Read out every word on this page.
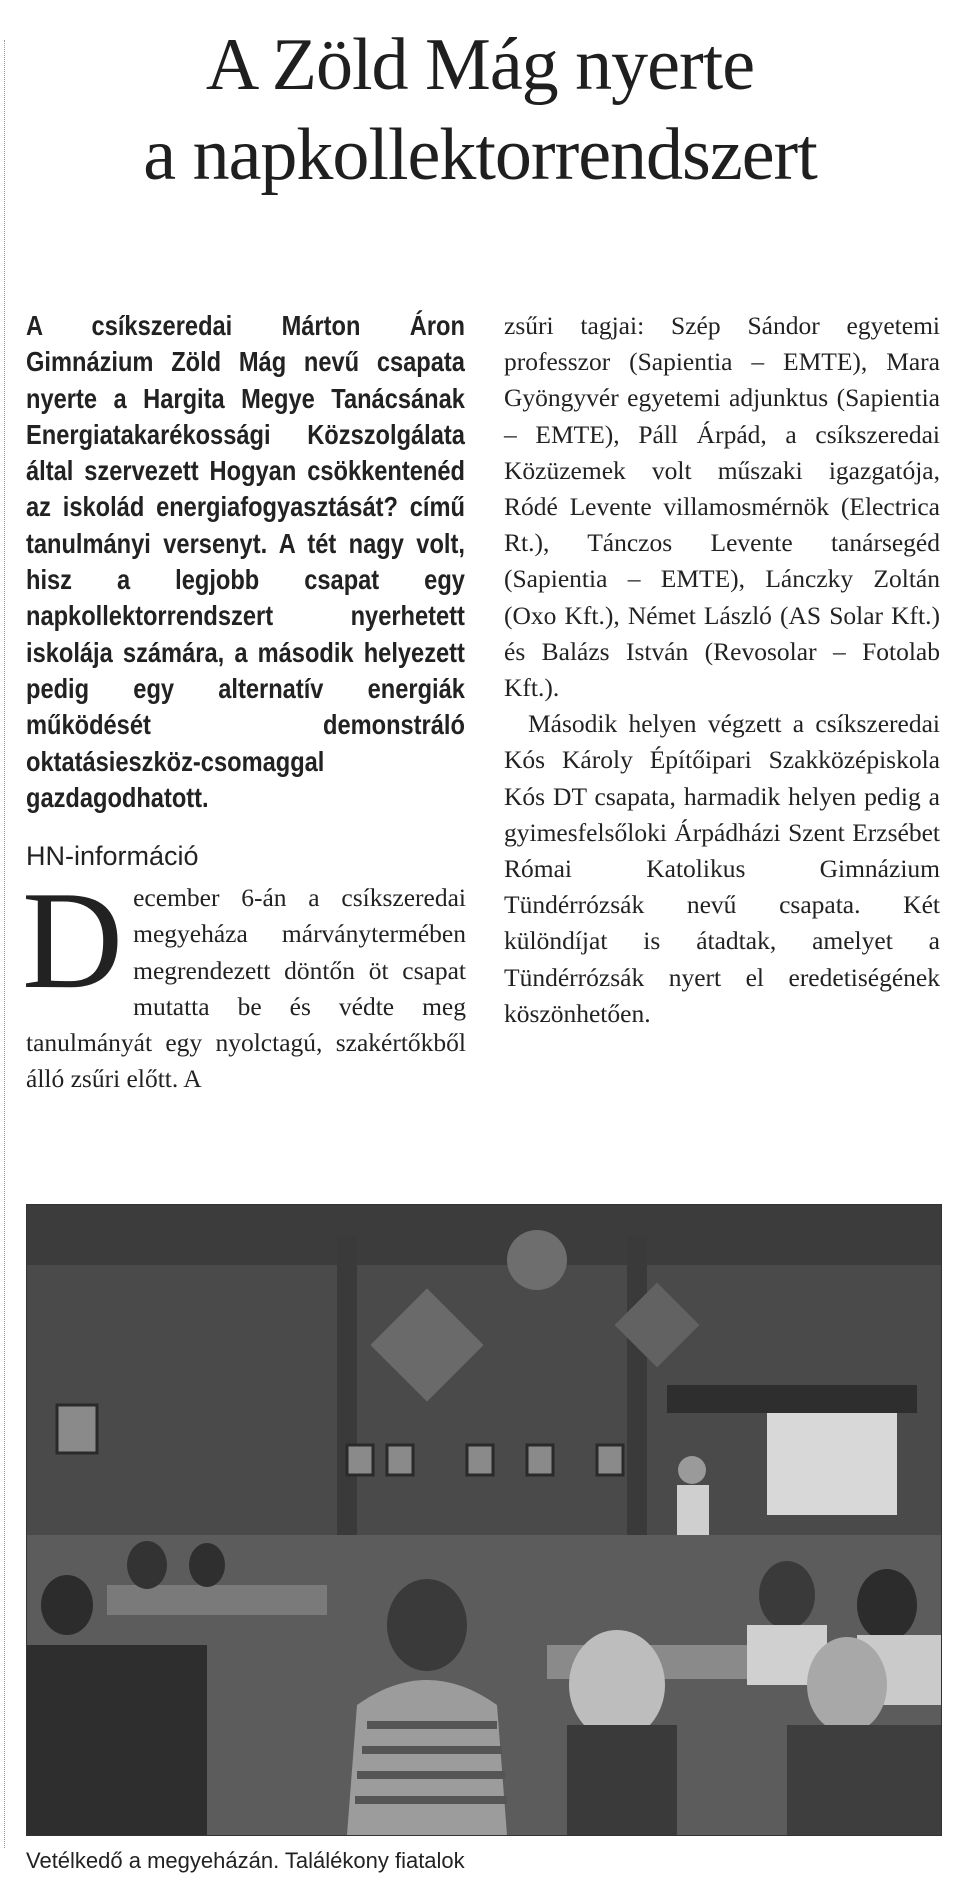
A Zöld Mág nyerte
a napkollektorrendszert

A csíkszeredai Márton Áron Gimnázium Zöld Mág nevű csapata nyerte a Hargita Megye Tanácsának Energiatakarékossági Közszolgálata által szervezett Hogyan csökkentenéd az iskolád energiafogyasztását? című tanulmányi versenyt. A tét nagy volt, hisz a legjobb csapat egy napkollektorrendszert nyerhetett iskolája számára, a második helyezett pedig egy alternatív energiák működését demonstráló oktatásieszköz-csomaggal gazdagodhatott.

HN-információ

December 6-án a csíkszeredai megyeháza márványtermében megrendezett döntőn öt csapat mutatta be és védte meg tanulmányát egy nyolctagú, szakértőkből álló zsűri előtt. A

zsűri tagjai: Szép Sándor egyetemi professzor (Sapientia – EMTE), Mara Gyöngyvér egyetemi adjunktus (Sapientia – EMTE), Páll Árpád, a csíkszeredai Közüzemek volt műszaki igazgatója, Ródé Levente villamosmérnök (Electrica Rt.), Tánczos Levente tanársegéd (Sapientia – EMTE), Lánczky Zoltán (Oxo Kft.), Német László (AS Solar Kft.) és Balázs István (Revosolar – Fotolab Kft.).

Második helyen végzett a csíkszeredai Kós Károly Építőipari Szakközépiskola Kós DT csapata, harmadik helyen pedig a gyimesfelsőloki Árpádházi Szent Erzsébet Római Katolikus Gimnázium Tündérrózsák nevű csapata. Két különdíjat is átadtak, amelyet a Tündérrózsák nyert el eredetiségének köszönhetően.

Vetélkedő a megyeházán. Találékony fiatalok
